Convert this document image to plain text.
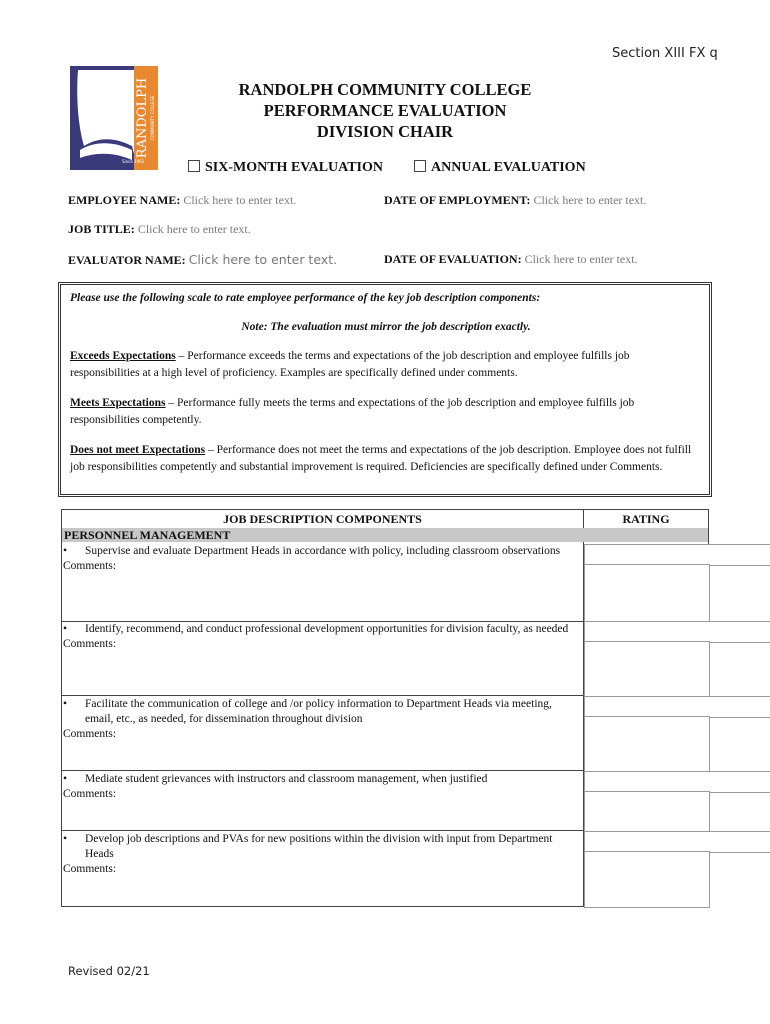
Section XIII FX q
RANDOLPH COMMUNITY COLLEGE
Since 1962
RANDOLPH COMMUNITY COLLEGE
PERFORMANCE EVALUATION
DIVISION CHAIR
SIX-MONTH EVALUATION	ANNUAL EVALUATION
EMPLOYEE NAME: Click here to enter text.	DATE OF EMPLOYMENT: Click here to enter text.
JOB TITLE: Click here to enter text.
EVALUATOR NAME: Click here to enter text.	DATE OF EVALUATION: Click here to enter text.

Please use the following scale to rate employee performance of the key job description components:

Note: The evaluation must mirror the job description exactly.

Exceeds Expectations – Performance exceeds the terms and expectations of the job description and employee fulfills job responsibilities at a high level of proficiency. Examples are specifically defined under comments.

Meets Expectations – Performance fully meets the terms and expectations of the job description and employee fulfills job responsibilities competently.

Does not meet Expectations – Performance does not meet the terms and expectations of the job description. Employee does not fulfill job responsibilities competently and substantial improvement is required. Deficiencies are specifically defined under Comments.

JOB DESCRIPTION COMPONENTS	RATING
PERSONNEL MANAGEMENT
• Supervise and evaluate Department Heads in accordance with policy, including classroom observations
Comments:
• Identify, recommend, and conduct professional development opportunities for division faculty, as needed
Comments:
• Facilitate the communication of college and /or policy information to Department Heads via meeting, email, etc., as needed, for dissemination throughout division
Comments:
• Mediate student grievances with instructors and classroom management, when justified
Comments:
• Develop job descriptions and PVAs for new positions within the division with input from Department Heads
Comments:
Revised 02/21
